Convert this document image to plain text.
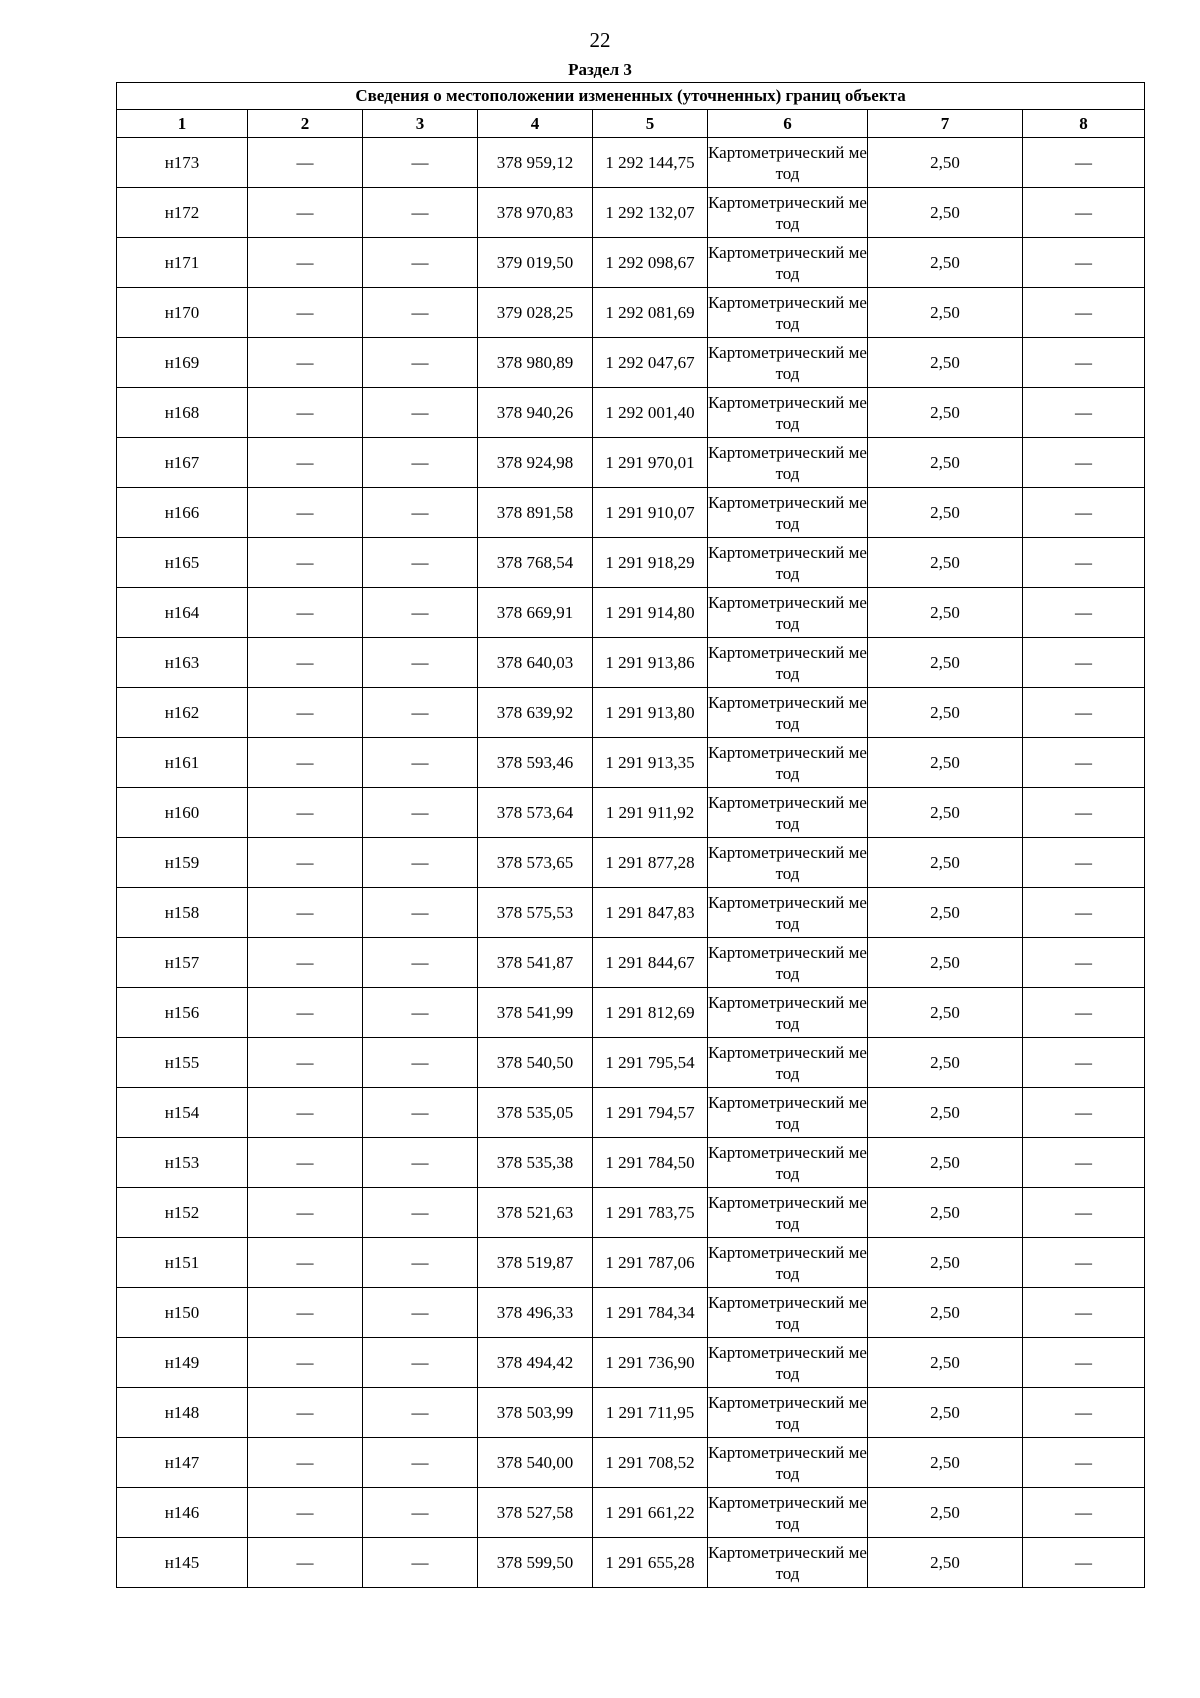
22
Раздел 3
Сведения о местоположении измененных (уточненных) границ объекта							
1	2	3	4	5	6	7	8
н173	—	—	378 959,12	1 292 144,75	Картометрический метод	2,50	—
н172	—	—	378 970,83	1 292 132,07	Картометрический метод	2,50	—
н171	—	—	379 019,50	1 292 098,67	Картометрический метод	2,50	—
н170	—	—	379 028,25	1 292 081,69	Картометрический метод	2,50	—
н169	—	—	378 980,89	1 292 047,67	Картометрический метод	2,50	—
н168	—	—	378 940,26	1 292 001,40	Картометрический метод	2,50	—
н167	—	—	378 924,98	1 291 970,01	Картометрический метод	2,50	—
н166	—	—	378 891,58	1 291 910,07	Картометрический метод	2,50	—
н165	—	—	378 768,54	1 291 918,29	Картометрический метод	2,50	—
н164	—	—	378 669,91	1 291 914,80	Картометрический метод	2,50	—
н163	—	—	378 640,03	1 291 913,86	Картометрический метод	2,50	—
н162	—	—	378 639,92	1 291 913,80	Картометрический метод	2,50	—
н161	—	—	378 593,46	1 291 913,35	Картометрический метод	2,50	—
н160	—	—	378 573,64	1 291 911,92	Картометрический метод	2,50	—
н159	—	—	378 573,65	1 291 877,28	Картометрический метод	2,50	—
н158	—	—	378 575,53	1 291 847,83	Картометрический метод	2,50	—
н157	—	—	378 541,87	1 291 844,67	Картометрический метод	2,50	—
н156	—	—	378 541,99	1 291 812,69	Картометрический метод	2,50	—
н155	—	—	378 540,50	1 291 795,54	Картометрический метод	2,50	—
н154	—	—	378 535,05	1 291 794,57	Картометрический метод	2,50	—
н153	—	—	378 535,38	1 291 784,50	Картометрический метод	2,50	—
н152	—	—	378 521,63	1 291 783,75	Картометрический метод	2,50	—
н151	—	—	378 519,87	1 291 787,06	Картометрический метод	2,50	—
н150	—	—	378 496,33	1 291 784,34	Картометрический метод	2,50	—
н149	—	—	378 494,42	1 291 736,90	Картометрический метод	2,50	—
н148	—	—	378 503,99	1 291 711,95	Картометрический метод	2,50	—
н147	—	—	378 540,00	1 291 708,52	Картометрический метод	2,50	—
н146	—	—	378 527,58	1 291 661,22	Картометрический метод	2,50	—
н145	—	—	378 599,50	1 291 655,28	Картометрический метод	2,50	—
